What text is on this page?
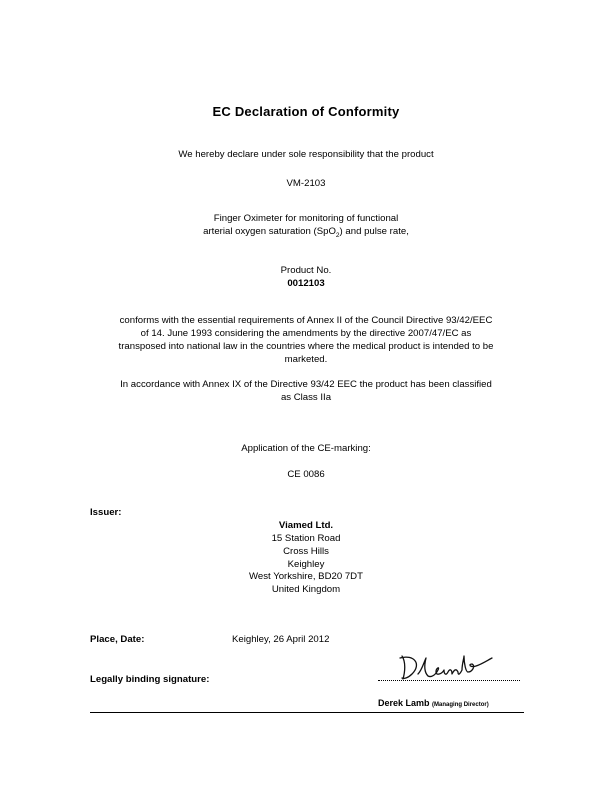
EC Declaration of Conformity
We hereby declare under sole responsibility that the product
VM-2103
Finger Oximeter for monitoring of functional
arterial oxygen saturation (SpO$_2$) and pulse rate,
Product No.
0012103
conforms with the essential requirements of Annex II of the Council Directive 93/42/EEC
of 14. June 1993 considering the amendments by the directive 2007/47/EC as
transposed into national law in the countries where the medical product is intended to be
marketed.
In accordance with Annex IX of the Directive 93/42 EEC the product has been classified
as Class IIa
Application of the CE-marking:
CE 0086
Issuer:
Viamed Ltd.
15 Station Road
Cross Hills
Keighley
West Yorkshire, BD20 7DT
United Kingdom
Place, Date:	Keighley, 26 April 2012
Legally binding signature:
Derek Lamb (Managing Director)
